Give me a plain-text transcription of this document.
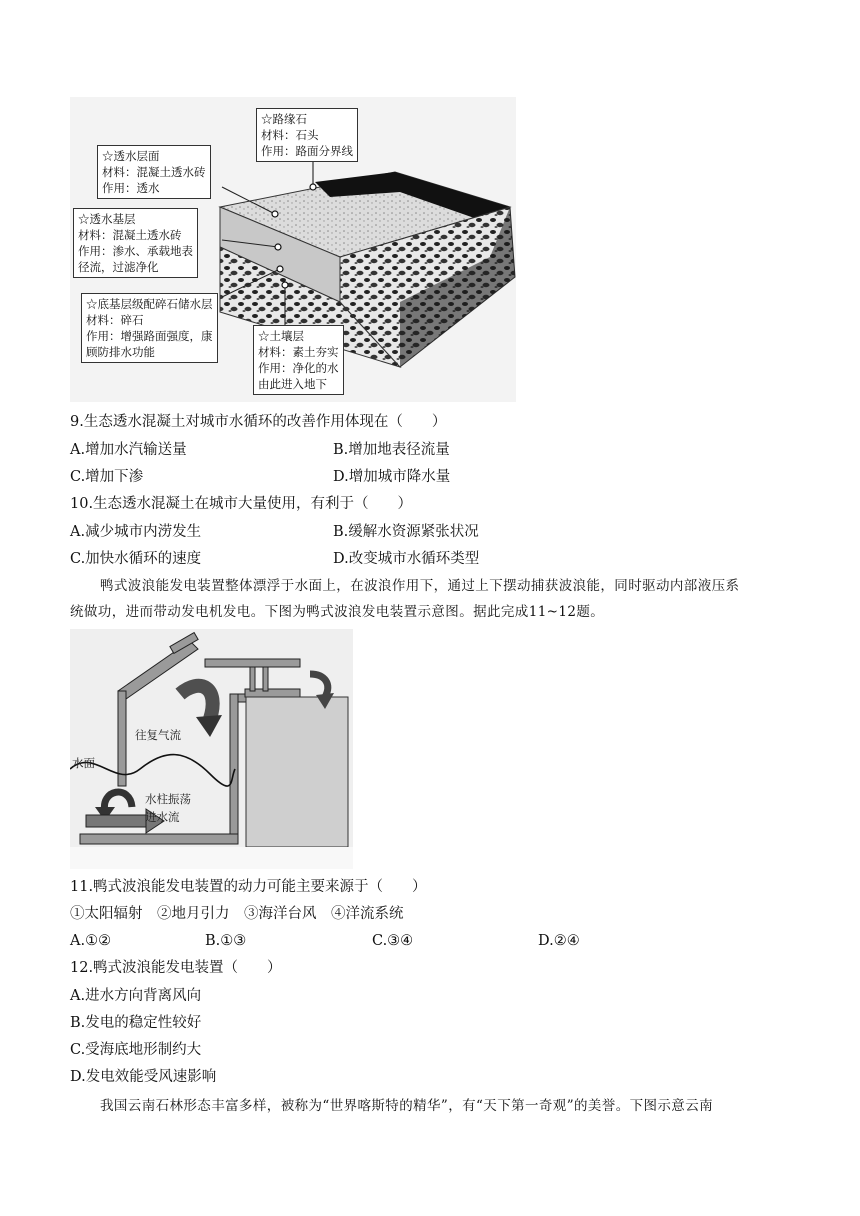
☆路缘石
材料：石头
作用：路面分界线
☆透水层面
材料：混凝土透水砖
作用：透水
☆透水基层
材料：混凝土透水砖
作用：渗水、承载地表
径流，过滤净化
☆底基层级配碎石储水层
材料：碎石
作用：增强路面强度，康
顾防排水功能
☆土壤层
材料：素土夯实
作用：净化的水
由此进入地下
9.生态透水混凝土对城市水循环的改善作用体现在（　　）
A.增加水汽输送量	B.增加地表径流量
C.增加下渗	D.增加城市降水量
10.生态透水混凝土在城市大量使用，有利于（　　）
A.减少城市内涝发生	B.缓解水资源紧张状况
C.加快水循环的速度	D.改变城市水循环类型
鸭式波浪能发电装置整体漂浮于水面上，在波浪作用下，通过上下摆动捕获波浪能，同时驱动内部液压系
统做功，进而带动发电机发电。下图为鸭式波浪发电装置示意图。据此完成11~12题。
往复气流
水面
水柱振荡
进水流
11.鸭式波浪能发电装置的动力可能主要来源于（　　）
①太阳辐射　②地月引力　③海洋台风　④洋流系统
A.①②	B.①③	C.③④	D.②④
12.鸭式波浪能发电装置（　　）
A.进水方向背离风向
B.发电的稳定性较好
C.受海底地形制约大
D.发电效能受风速影响
我国云南石林形态丰富多样，被称为“世界喀斯特的精华”，有“天下第一奇观”的美誉。下图示意云南
